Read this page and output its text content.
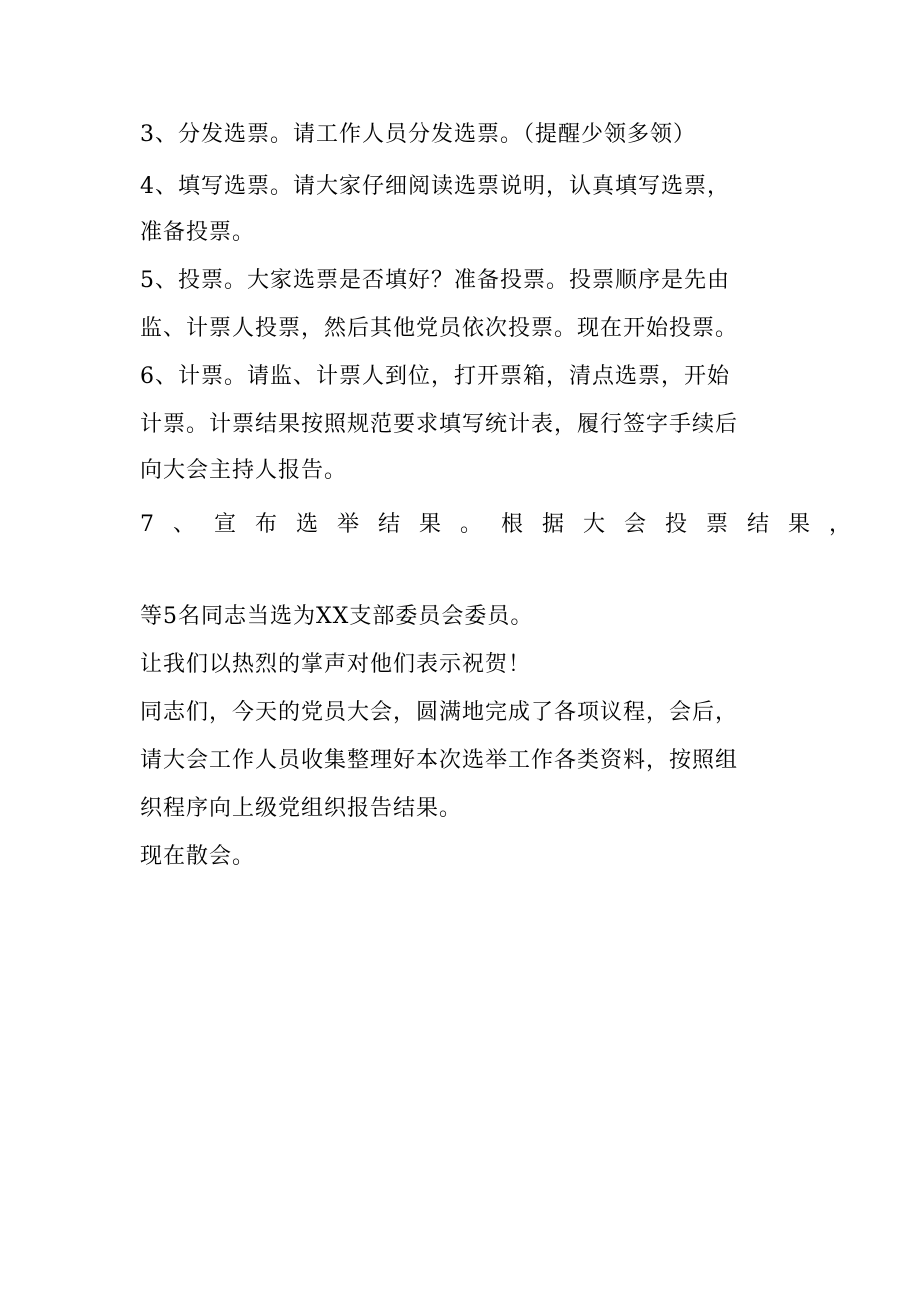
3、分发选票。请工作人员分发选票。（提醒少领多领）
4、填写选票。请大家仔细阅读选票说明，认真填写选票，
准备投票。
5、投票。大家选票是否填好？准备投票。投票顺序是先由
监、计票人投票，然后其他党员依次投票。现在开始投票。
6、计票。请监、计票人到位，打开票箱，清点选票，开始
计票。计票结果按照规范要求填写统计表，履行签字手续后
向大会主持人报告。
7、宣布选举结果。根据大会投票结果，
等5名同志当选为XX支部委员会委员。
让我们以热烈的掌声对他们表示祝贺！
同志们，今天的党员大会，圆满地完成了各项议程，会后，
请大会工作人员收集整理好本次选举工作各类资料，按照组
织程序向上级党组织报告结果。
现在散会。
